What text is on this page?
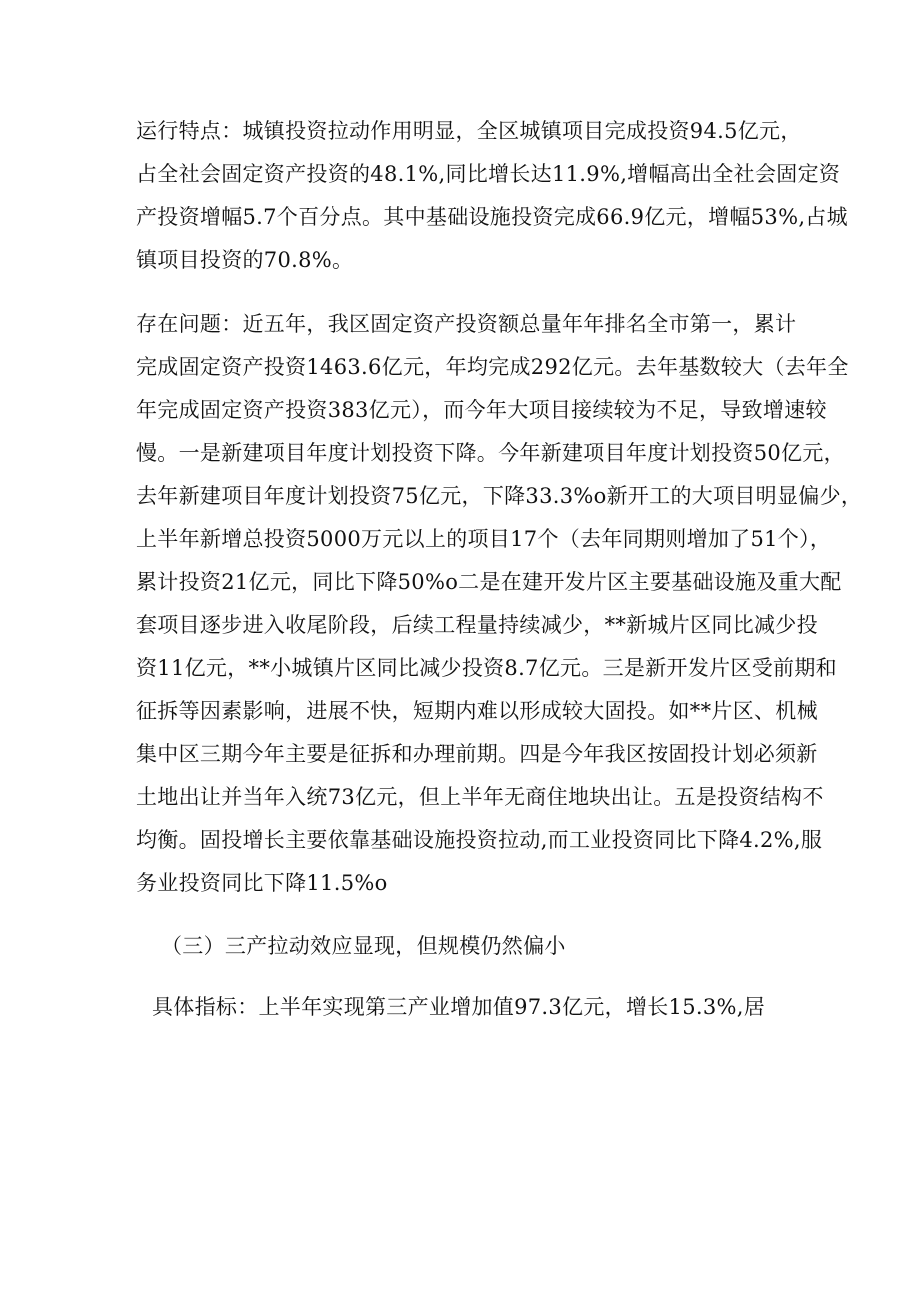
运行特点：城镇投资拉动作用明显，全区城镇项目完成投资94.5亿元，
占全社会固定资产投资的48.1%,同比增长达11.9%,增幅高出全社会固定资
产投资增幅5.7个百分点。其中基础设施投资完成66.9亿元，增幅53%,占城
镇项目投资的70.8%。

存在问题：近五年，我区固定资产投资额总量年年排名全市第一，累计
完成固定资产投资1463.6亿元，年均完成292亿元。去年基数较大（去年全
年完成固定资产投资383亿元），而今年大项目接续较为不足，导致增速较
慢。一是新建项目年度计划投资下降。今年新建项目年度计划投资50亿元，
去年新建项目年度计划投资75亿元，下降33.3%o新开工的大项目明显偏少，
上半年新增总投资5000万元以上的项目17个（去年同期则增加了51个），
累计投资21亿元，同比下降50%o二是在建开发片区主要基础设施及重大配
套项目逐步进入收尾阶段，后续工程量持续减少，**新城片区同比减少投
资11亿元，**小城镇片区同比减少投资8.7亿元。三是新开发片区受前期和
征拆等因素影响，进展不快，短期内难以形成较大固投。如**片区、机械
集中区三期今年主要是征拆和办理前期。四是今年我区按固投计划必须新
土地出让并当年入统73亿元，但上半年无商住地块出让。五是投资结构不
均衡。固投增长主要依靠基础设施投资拉动,而工业投资同比下降4.2%,服
务业投资同比下降11.5%o

（三）三产拉动效应显现，但规模仍然偏小

具体指标：上半年实现第三产业增加值97.3亿元，增长15.3%,居
